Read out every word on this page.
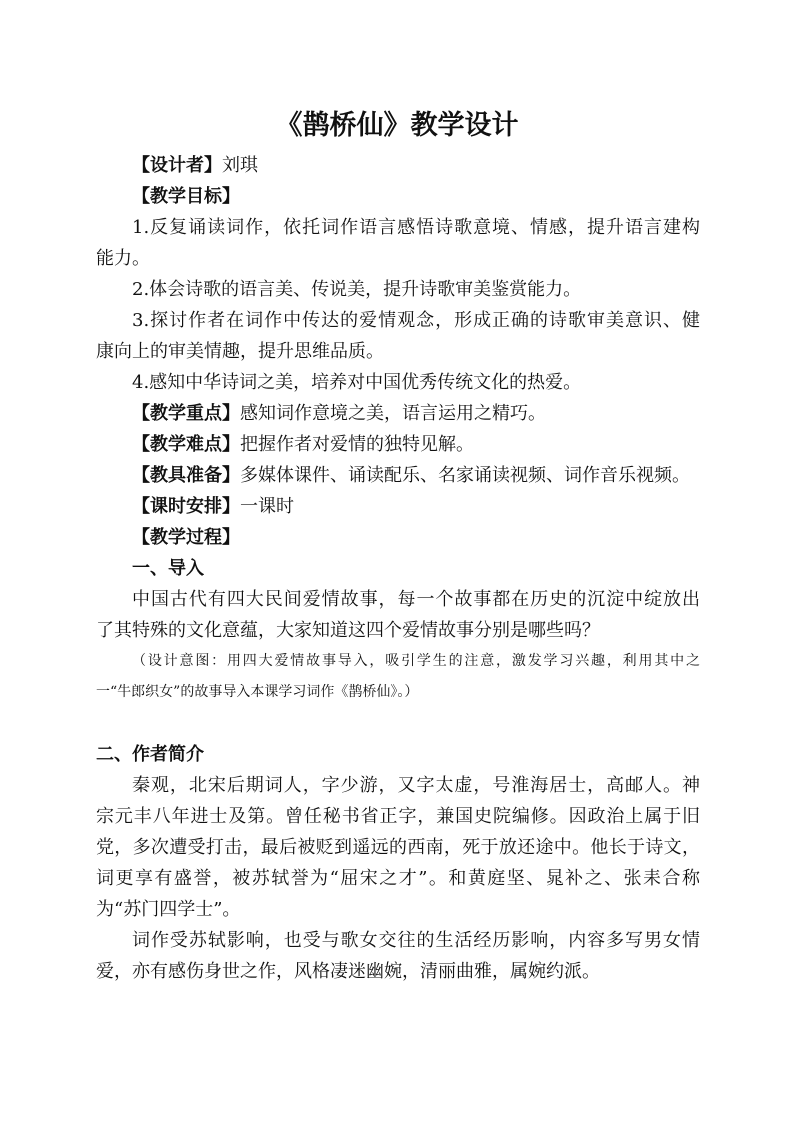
《鹊桥仙》教学设计
【设计者】刘琪
【教学目标】
1.反复诵读词作，依托词作语言感悟诗歌意境、情感，提升语言建构
能力。
2.体会诗歌的语言美、传说美，提升诗歌审美鉴赏能力。
3.探讨作者在词作中传达的爱情观念，形成正确的诗歌审美意识、健
康向上的审美情趣，提升思维品质。
4.感知中华诗词之美，培养对中国优秀传统文化的热爱。
【教学重点】感知词作意境之美，语言运用之精巧。
【教学难点】把握作者对爱情的独特见解。
【教具准备】多媒体课件、诵读配乐、名家诵读视频、词作音乐视频。
【课时安排】一课时
【教学过程】
一、导入
中国古代有四大民间爱情故事，每一个故事都在历史的沉淀中绽放出
了其特殊的文化意蕴，大家知道这四个爱情故事分别是哪些吗？
（设计意图：用四大爱情故事导入，吸引学生的注意，激发学习兴趣，利用其中之
一“牛郎织女”的故事导入本课学习词作《鹊桥仙》。）
二、作者简介
秦观，北宋后期词人，字少游，又字太虚，号淮海居士，高邮人。神
宗元丰八年进士及第。曾任秘书省正字，兼国史院编修。因政治上属于旧
党，多次遭受打击，最后被贬到遥远的西南，死于放还途中。他长于诗文，
词更享有盛誉，被苏轼誉为“屈宋之才”。和黄庭坚、晁补之、张耒合称
为“苏门四学士”。
词作受苏轼影响，也受与歌女交往的生活经历影响，内容多写男女情
爱，亦有感伤身世之作，风格凄迷幽婉，清丽曲雅，属婉约派。
